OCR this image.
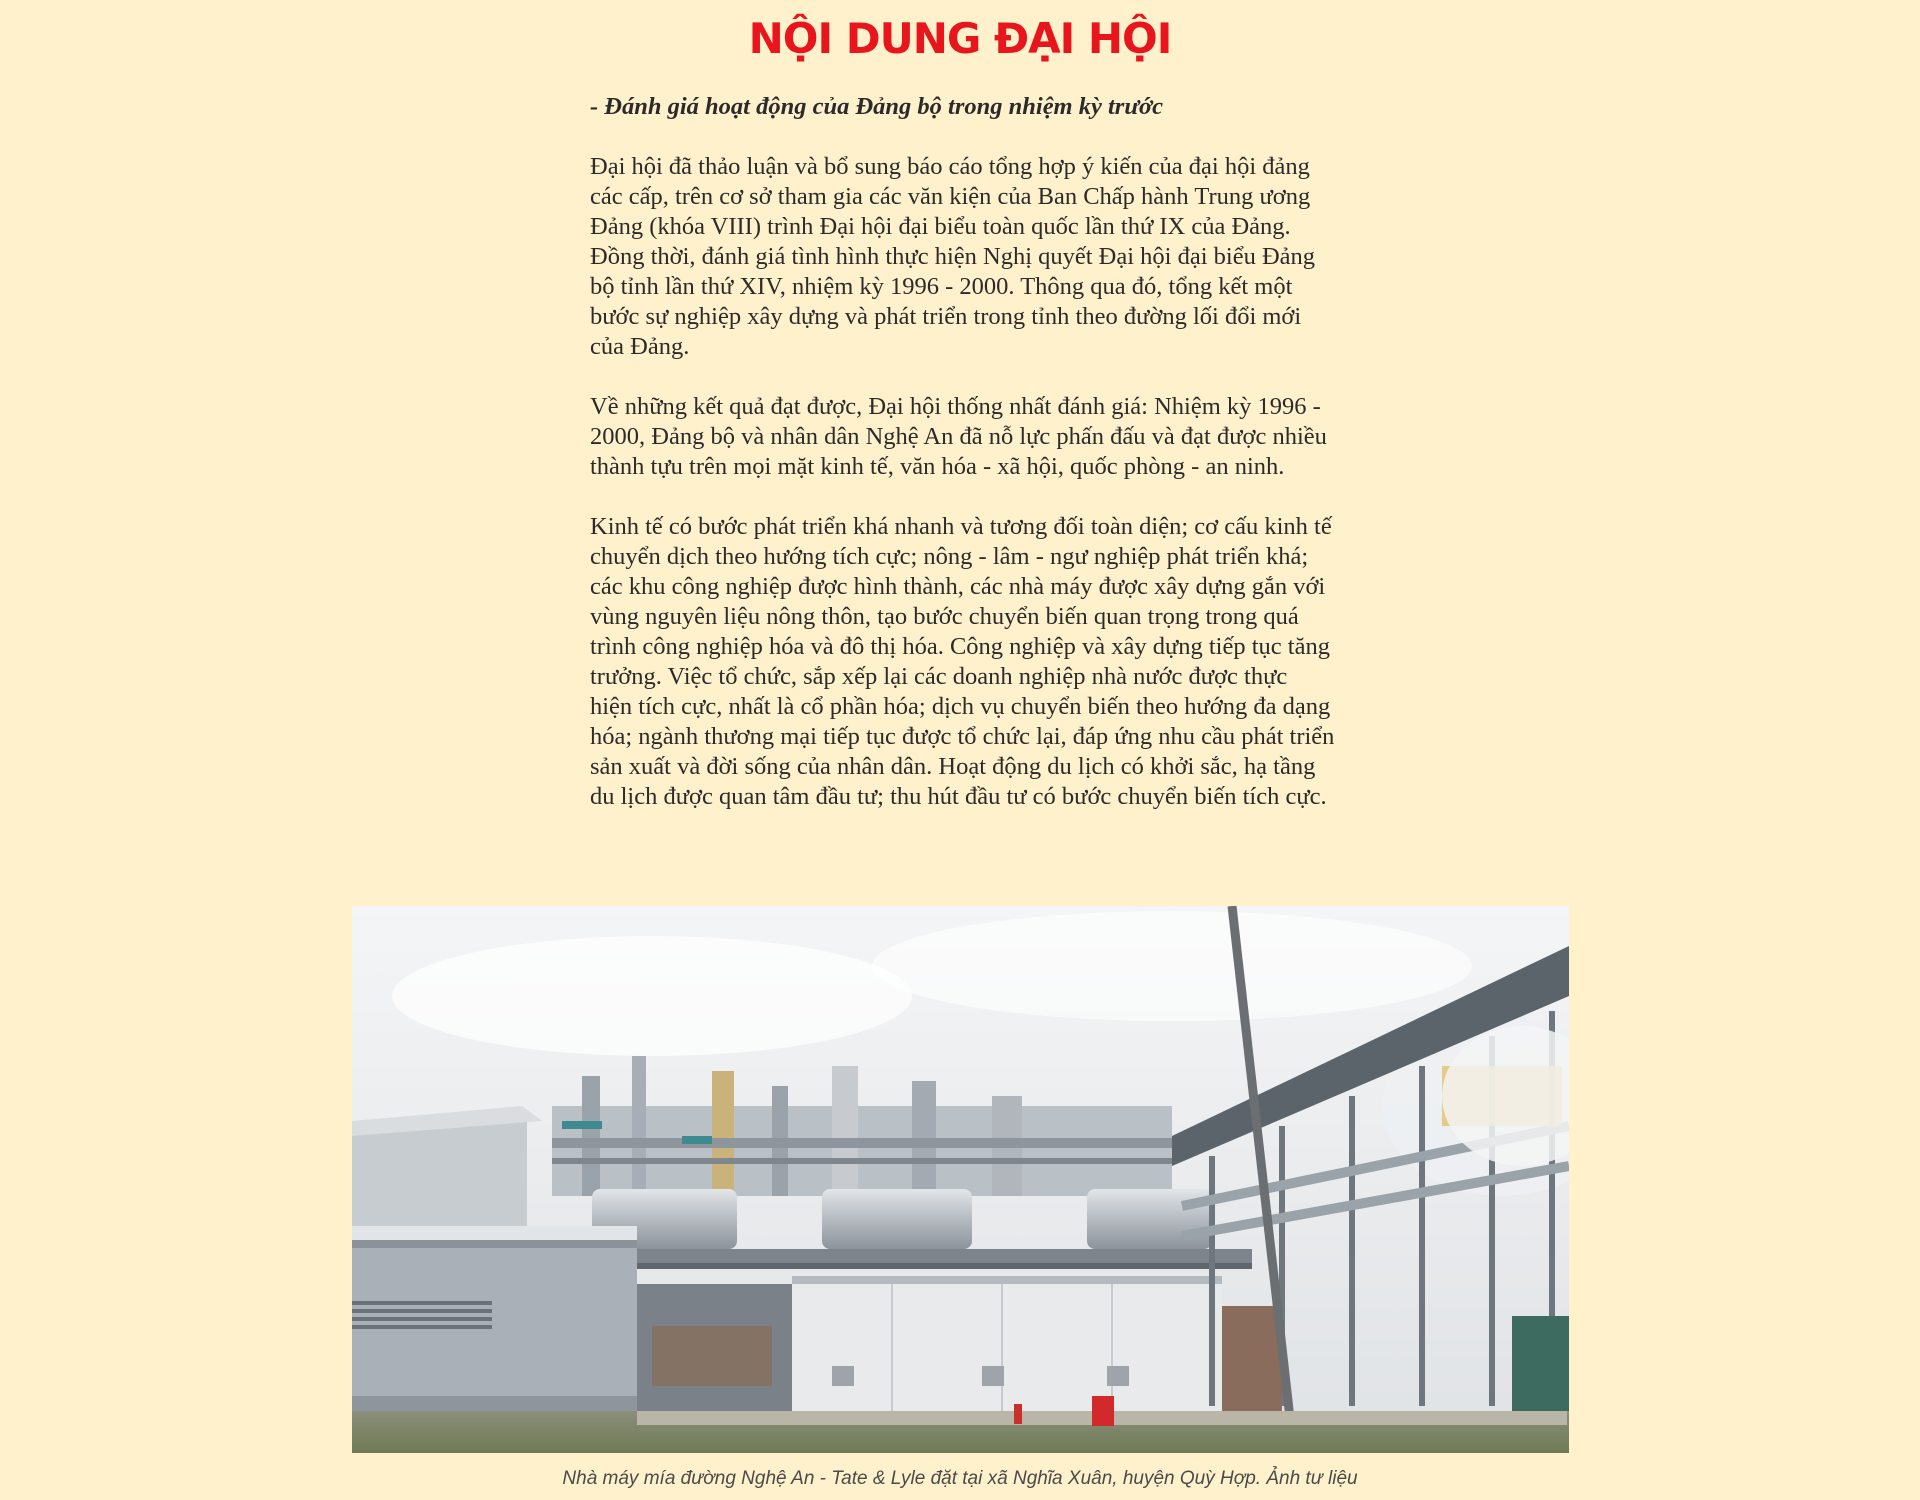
NỘI DUNG ĐẠI HỘI

- Đánh giá hoạt động của Đảng bộ trong nhiệm kỳ trước

Đại hội đã thảo luận và bổ sung báo cáo tổng hợp ý kiến của đại hội đảng các cấp, trên cơ sở tham gia các văn kiện của Ban Chấp hành Trung ương Đảng (khóa VIII) trình Đại hội đại biểu toàn quốc lần thứ IX của Đảng. Đồng thời, đánh giá tình hình thực hiện Nghị quyết Đại hội đại biểu Đảng bộ tỉnh lần thứ XIV, nhiệm kỳ 1996 - 2000. Thông qua đó, tổng kết một bước sự nghiệp xây dựng và phát triển trong tỉnh theo đường lối đổi mới của Đảng.

Về những kết quả đạt được, Đại hội thống nhất đánh giá: Nhiệm kỳ 1996 - 2000, Đảng bộ và nhân dân Nghệ An đã nỗ lực phấn đấu và đạt được nhiều thành tựu trên mọi mặt kinh tế, văn hóa - xã hội, quốc phòng - an ninh.

Kinh tế có bước phát triển khá nhanh và tương đối toàn diện; cơ cấu kinh tế chuyển dịch theo hướng tích cực; nông - lâm - ngư nghiệp phát triển khá; các khu công nghiệp được hình thành, các nhà máy được xây dựng gắn với vùng nguyên liệu nông thôn, tạo bước chuyển biến quan trọng trong quá trình công nghiệp hóa và đô thị hóa. Công nghiệp và xây dựng tiếp tục tăng trưởng. Việc tổ chức, sắp xếp lại các doanh nghiệp nhà nước được thực hiện tích cực, nhất là cổ phần hóa; dịch vụ chuyển biến theo hướng đa dạng hóa; ngành thương mại tiếp tục được tổ chức lại, đáp ứng nhu cầu phát triển sản xuất và đời sống của nhân dân. Hoạt động du lịch có khởi sắc, hạ tầng du lịch được quan tâm đầu tư; thu hút đầu tư có bước chuyển biến tích cực.

Nhà máy mía đường Nghệ An - Tate & Lyle đặt tại xã Nghĩa Xuân, huyện Quỳ Hợp. Ảnh tư liệu
